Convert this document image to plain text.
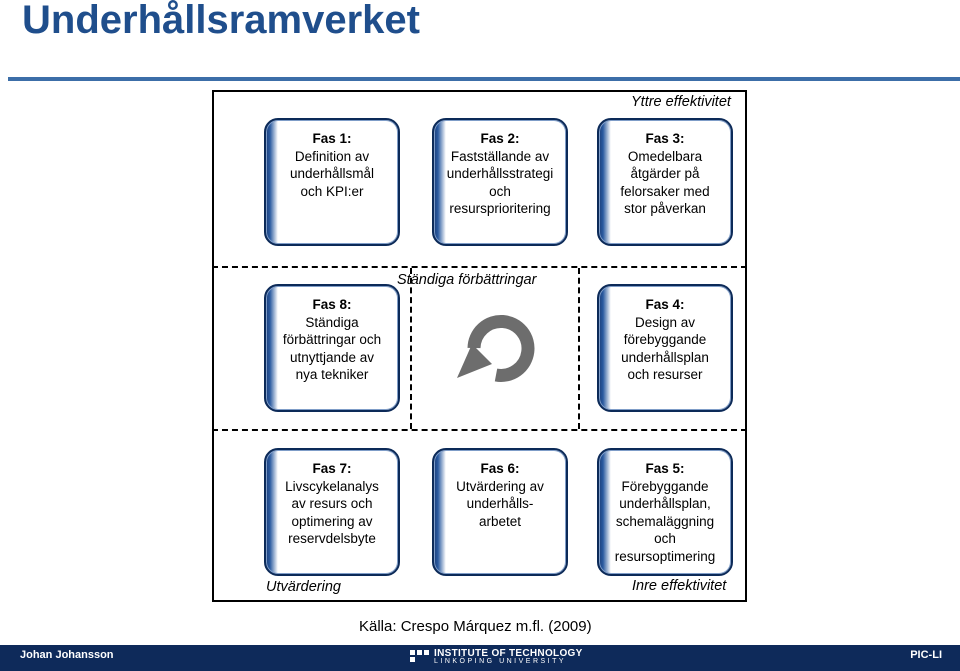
Underhållsramverket
Yttre effektivitet
Ständiga förbättringar
Utvärdering	Inre effektivitet
Fas 1:
Definition av
underhållsmål
och KPI:er
Fas 2:
Fastställande av
underhållsstrategi
och
resursprioritering
Fas 3:
Omedelbara
åtgärder på
felorsaker med
stor påverkan
Fas 8:
Ständiga
förbättringar och
utnyttjande av
nya tekniker
Fas 4:
Design av
förebyggande
underhållsplan
och resurser
Fas 7:
Livscykelanalys
av resurs och
optimering av
reservdelsbyte
Fas 6:
Utvärdering av
underhålls-
arbetet
Fas 5:
Förebyggande
underhållsplan,
schemaläggning
och
resursoptimering
Källa: Crespo Márquez m.fl. (2009)
Johan Johansson	INSTITUTE OF TECHNOLOGY
LINKÖPING UNIVERSITY
PIC-LI
